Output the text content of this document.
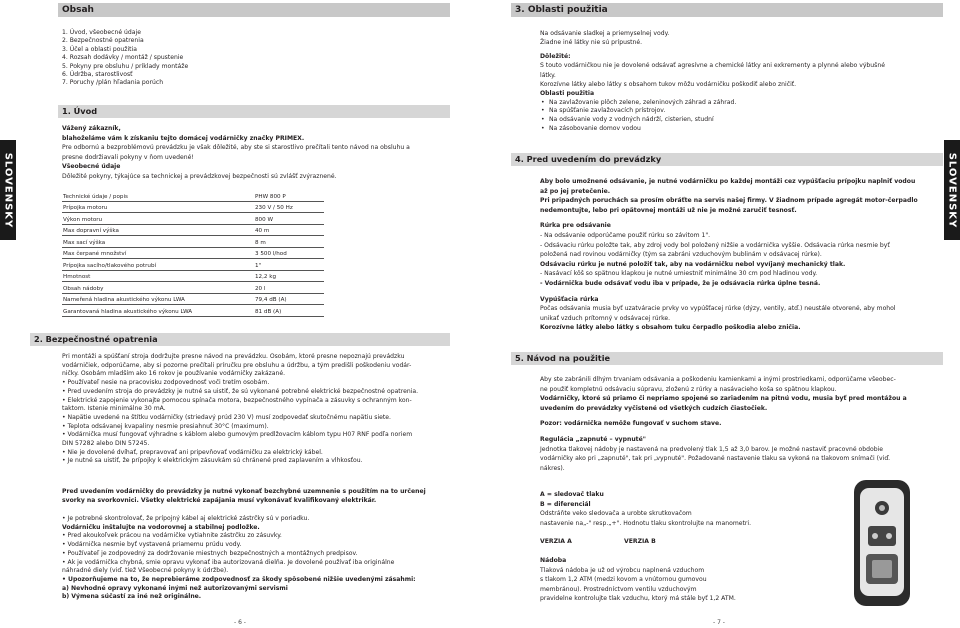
SLOVENSKY
Obsah
1. Úvod, všeobecné údaje
2. Bezpečnostné opatrenia
3. Účel a oblasti použitia
4. Rozsah dodávky / montáž / spustenie
5. Pokyny pre obsluhu / príklady montáže
6. Údržba, starostlivosť
7. Poruchy /plán hľadania porúch
1. Úvod

Vážený zákazník,

blahoželáme vám k získaniu tejto domácej vodárničky značky PRIMEX.

Pre odbornú a bezproblémovú prevádzku je však dôležité, aby ste si starostlivo prečítali tento návod na obsluhu a

presne dodržiavali pokyny v ňom uvedené!

Všeobecné údaje

Dôležité pokyny, týkajúce sa technickej a prevádzkovej bezpečnosti sú zvlášť zvýraznené.

Technické údaje / popis	PHW 800 P
Prípojka motoru	230 V / 50 Hz
Výkon motoru	800 W
Max dopravní výška	40 m
Max sací výška	8 m
Max čerpané množství	3 500 l/hod
Prípojka sacího/tlakového potrubí	1"
Hmotnost	12,2 kg
Obsah nádoby	20 l
Nameřená hladina akustického výkonu LWA	79,4 dB (A)
Garantovaná hladina akustického výkonu LWA	81 dB (A)
2. Bezpečnostné opatrenia

Pri montáži a spúšťaní stroja dodržujte presne návod na prevádzku. Osobám, ktoré presne nepoznajú prevádzku

vodárničiek, odporúčame, aby si pozorne prečítali príručku pre obsluhu a údržbu, a tým predišli poškodeniu vodár-

ničky. Osobám mladším ako 16 rokov je používanie vodárničky zakázané.

• Používateľ nesie na pracovisku zodpovednosť voči tretím osobám.

• Pred uvedením stroja do prevádzky je nutné sa uistiť, že sú vykonané potrebné elektrické bezpečnostné opatrenia.

• Elektrické zapojenie vykonajte pomocou spínača motora, bezpečnostného vypínača a zásuvky s ochranným kon-

taktom. Istenie minimálne 30 mA.

• Napätie uvedené na štítku vodárničky (striedavý prúd 230 V) musí zodpovedať skutočnému napätiu siete.

• Teplota odsávanej kvapaliny nesmie presiahnuť 30°C (maximum).

• Vodárnička musí fungovať výhradne s káblom alebo gumovým predlžovacím káblom typu H07 RNF podľa noriem

DIN 57282 alebo DIN 57245.

• Nie je dovolené dvíhať, prepravovať ani pripevňovať vodárničku za elektrický kábel.

• Je nutné sa uistiť, že prípojky k elektrickým zásuvkám sú chránené pred zaplavením a vlhkosťou.

Pred uvedením vodárničky do prevádzky je nutné vykonať bezchybné uzemnenie s použitím na to určenej

svorky na svorkovnici. Všetky elektrické zapájania musí vykonávať kvalifikovaný elektrikár.

• Je potrebné skontrolovať, že prípojný kábel aj elektrické zástrčky sú v poriadku.

Vodárničku inštalujte na vodorovnej a stabilnej podložke.

• Pred akoukoľvek prácou na vodárničke vytiahnite zástrčku zo zásuvky.

• Vodárnička nesmie byť vystavená priamemu prúdu vody.

• Používateľ je zodpovedný za dodržovanie miestnych bezpečnostných a montážnych predpisov.

• Ak je vodárnička chybná, smie opravu vykonať iba autorizovaná dielňa. Je dovolené používať iba originálne

náhradné diely (viď. tiež Všeobecné pokyny k údržbe).

• Upozorňujeme na to, že neprebieráme zodpovednosť za škody spôsobené nižšie uvedenými zásahmi:

a) Nevhodné opravy vykonané inými než autorizovanými servismi

b) Výmena súčastí za iné než originálne.

- 6 -
SLOVENSKY
3. Oblasti použitia

Na odsávanie sladkej a priemyselnej vody.

Žiadne iné látky nie sú prípustné.

Dôležité:

S touto vodárničkou nie je dovolené odsávať agresívne a chemické látky ani exkrementy a plynné alebo výbušné

látky.

Korozívne látky alebo látky s obsahom tukov môžu vodárničku poškodiť alebo zničiť.

Oblasti použitia

• Na zavlažovanie plôch zelene, zeleninových záhrad a záhrad.
• Na spúšťanie zavlažovacích prístrojov.
• Na odsávanie vody z vodných nádrží, cisterien, studní
• Na zásobovanie domov vodou
4. Pred uvedením do prevádzky

Aby bolo umožnené odsávanie, je nutné vodárničku po každej montáži cez vypúšťaciu prípojku naplniť vodou

až po jej pretečenie.

Pri pripadných poruchách sa prosím obráťte na servis našej firmy. V žiadnom prípade agregát motor-čerpadlo

nedemontujte, lebo pri opätovnej montáži už nie je možné zaručiť tesnosť.

Rúrka pre odsávanie

- Na odsávanie odporúčame použiť rúrku so závitom 1".

- Odsávaciu rúrku položte tak, aby zdroj vody bol položený nižšie a vodárnička vyššie. Odsávacia rúrka nesmie byť

položená nad rovinou vodárničky (tým sa zabráni vzduchovým bublinám v odsávacej rúrke).

Odsávaciu rúrku je nutné položiť tak, aby na vodárničku nebol vyvíjaný mechanický tlak.

- Nasávací kôš so spätnou klapkou je nutné umiestniť minimálne 30 cm pod hladinou vody.

- Vodárnička bude odsávať vodu iba v prípade, že je odsávacia rúrka úplne tesná.

Vypúšťacia rúrka

Počas odsávania musia byť uzatváracie prvky vo vypúšťacej rúrke (dýzy, ventily, atď.) neustále otvorené, aby mohol

unikať vzduch prítomný v odsávacej rúrke.

Korozívne látky alebo látky s obsahom tuku čerpadlo poškodia alebo zničia.

5. Návod na použitie

Aby ste zabránili dlhým trvaniam odsávania a poškodeniu kamienkami a inými prostriedkami, odporúčame všeobec-

ne použiť kompletnú odsávaciu súpravu, zloženú z rúrky a nasávacieho koša so spätnou klapkou.

Vodárničky, ktoré sú priamo či nepriamo spojené so zariadením na pitnú vodu, musia byť pred montážou a

uvedením do prevádzky vyčistené od všetkých cudzích čiastočiek.

Pozor: vodárnička nemôže fungovať v suchom stave.

Regulácia „zapnuté – vypnuté"

Jednotka tlakovej nádoby je nastavená na predvolený tlak 1,5 až 3,0 barov. Je možné nastaviť pracovné obdobie

vodárničky ako pri „zapnuté", tak pri „vypnuté". Požadované nastavenie tlaku sa vykoná na tlakovom snímači (viď.

nákres).

A = sledovač tlaku

B = diferenciál

Odstráňte veko sledovača a urobte skrutkovačom

nastavenie na„-" resp.„+". Hodnotu tlaku skontrolujte na manometri.

VERZIA A	VERZIA B

Nádoba

Tlaková nádoba je už od výrobcu naplnená vzduchom

s tlakom 1,2 ATM (medzi kovom a vnútornou gumovou

membránou). Prostredníctvom ventilu vzduchovým

pravidelne kontrolujte tlak vzduchu, ktorý má stále byť 1,2 ATM.

- 7 -
